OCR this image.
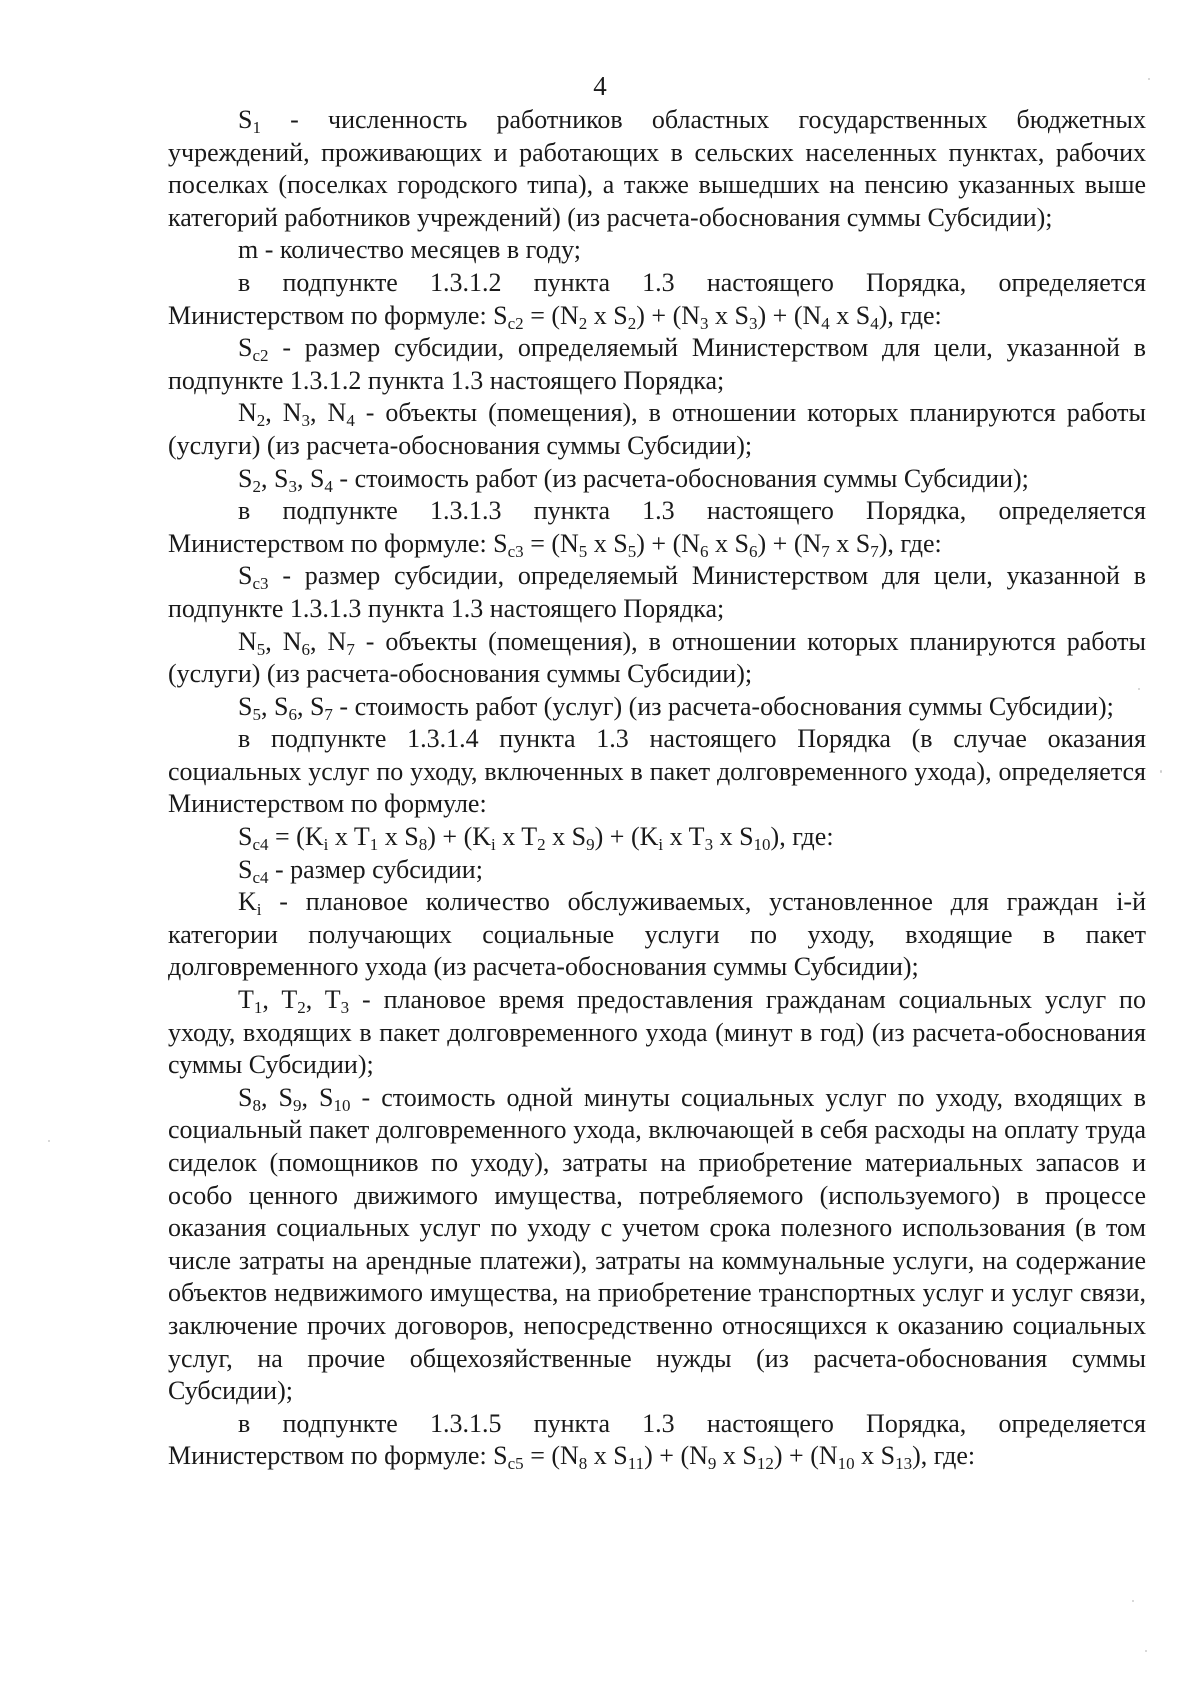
4

$S_1$ - численность работников областных государственных бюджетных учреждений, проживающих и работающих в сельских населенных пунктах, рабочих поселках (поселках городского типа), а также вышедших на пенсию указанных выше категорий работников учреждений) (из расчета-обоснования суммы Субсидии);

m - количество месяцев в году;

в подпункте 1.3.1.2 пункта 1.3 настоящего Порядка, определяется Министерством по формуле: $S_{c2} = (N_2$ x $S_2) + (N_3$ x $S_3) + (N_4$ x $S_4$), где:

$S_{c2}$ - размер субсидии, определяемый Министерством для цели, указанной в подпункте 1.3.1.2 пункта 1.3 настоящего Порядка;

$N_2$, $N_3$, $N_4$ - объекты (помещения), в отношении которых планируются работы (услуги) (из расчета-обоснования суммы Субсидии);

$S_2$, $S_3$, $S_4$ - стоимость работ (из расчета-обоснования суммы Субсидии);

в подпункте 1.3.1.3 пункта 1.3 настоящего Порядка, определяется Министерством по формуле: $S_{c3} = (N_5$ x $S_5) + (N_6$ x $S_6) + (N_7$ x $S_7$), где:

$S_{c3}$ - размер субсидии, определяемый Министерством для цели, указанной в подпункте 1.3.1.3 пункта 1.3 настоящего Порядка;

$N_5$, $N_6$, $N_7$ - объекты (помещения), в отношении которых планируются работы (услуги) (из расчета-обоснования суммы Субсидии);

$S_5$, $S_6$, $S_7$ - стоимость работ (услуг) (из расчета-обоснования суммы Субсидии);

в подпункте 1.3.1.4 пункта 1.3 настоящего Порядка (в случае оказания социальных услуг по уходу, включенных в пакет долговременного ухода), определяется Министерством по формуле:

$S_{c4} = (K_i$ x $T_1$ x $S_8) + (K_i$ x $T_2$ x $S_9) + (K_i$ x $T_3$ x $S_{10}$), где:

$S_{c4}$ - размер субсидии;

$K_i$ - плановое количество обслуживаемых, установленное для граждан i-й категории получающих социальные услуги по уходу, входящие в пакет долговременного ухода (из расчета-обоснования суммы Субсидии);

$T_1$, $T_2$, $T_3$ - плановое время предоставления гражданам социальных услуг по уходу, входящих в пакет долговременного ухода (минут в год) (из расчета-обоснования суммы Субсидии);

$S_8$, $S_9$, $S_{10}$ - стоимость одной минуты социальных услуг по уходу, входящих в социальный пакет долговременного ухода, включающей в себя расходы на оплату труда сиделок (помощников по уходу), затраты на приобретение материальных запасов и особо ценного движимого имущества, потребляемого (используемого) в процессе оказания социальных услуг по уходу с учетом срока полезного использования (в том числе затраты на арендные платежи), затраты на коммунальные услуги, на содержание объектов недвижимого имущества, на приобретение транспортных услуг и услуг связи, заключение прочих договоров, непосредственно относящихся к оказанию социальных услуг, на прочие общехозяйственные нужды (из расчета-обоснования суммы Субсидии);

в подпункте 1.3.1.5 пункта 1.3 настоящего Порядка, определяется Министерством по формуле: $S_{c5} = (N_8$ x $S_{11}) + (N_9$ x $S_{12}) + (N_{10}$ x $S_{13}$), где:
